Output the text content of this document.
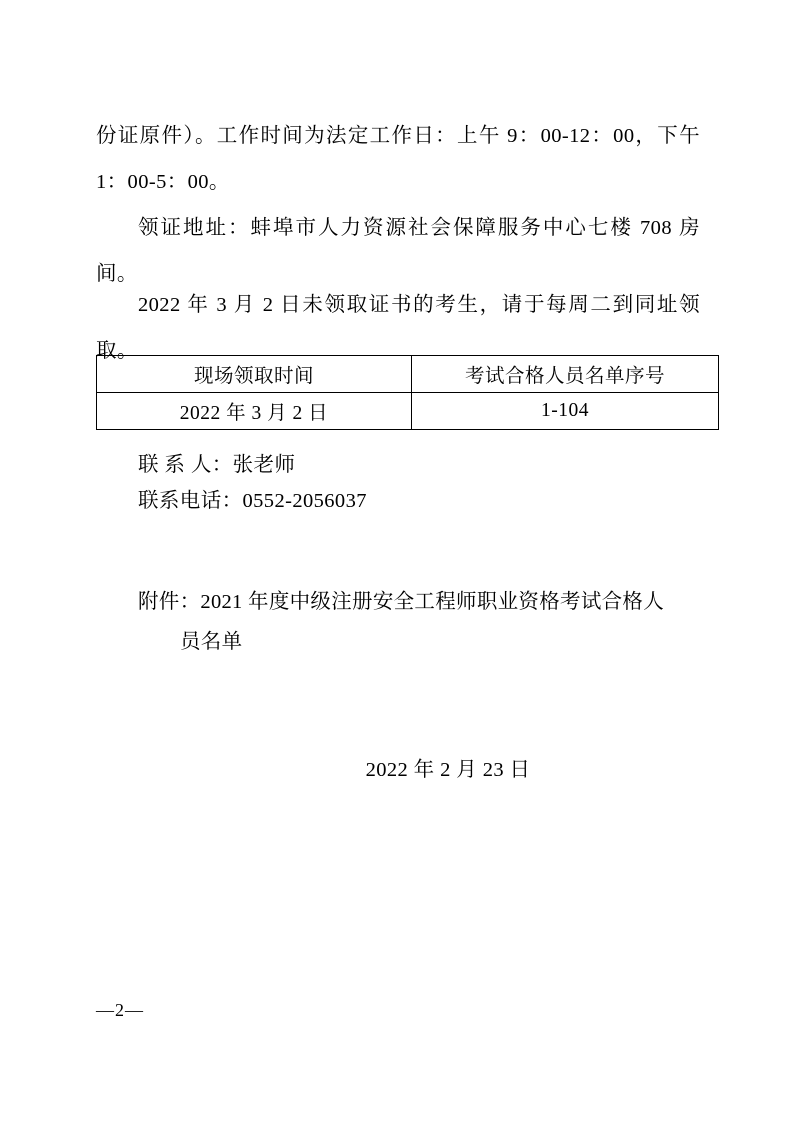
份证原件）。工作时间为法定工作日：上午 9：00-12：00，下午 1：00-5：00。

领证地址：蚌埠市人力资源社会保障服务中心七楼 708 房间。

2022 年 3 月 2 日未领取证书的考生，请于每周二到同址领取。

现场领取时间	考试合格人员名单序号
2022 年 3 月 2 日	1-104

联 系 人：张老师

联系电话：0552-2056037

附件：2021 年度中级注册安全工程师职业资格考试合格人

员名单

2022 年 2 月 23 日
—2—
